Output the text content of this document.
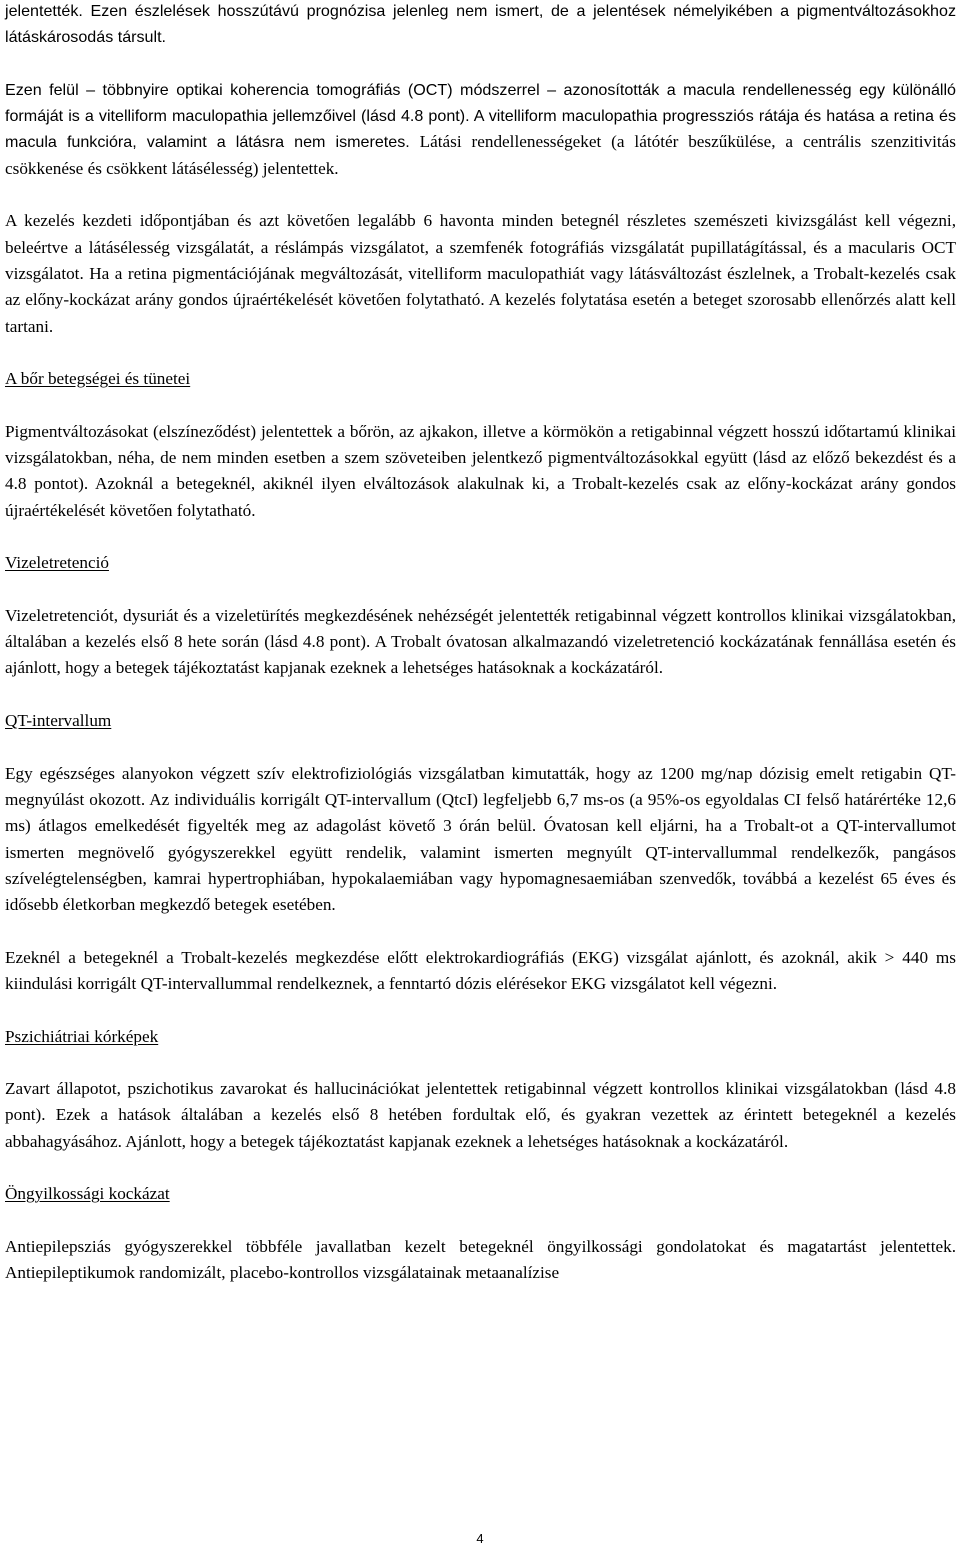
jelentették. Ezen észlelések hosszútávú prognózisa jelenleg nem ismert, de a jelentések némelyikében a pigmentváltozásokhoz látáskárosodás társult.

Ezen felül – többnyire optikai koherencia tomográfiás (OCT) módszerrel – azonosították a macula rendellenesség egy különálló formáját is a vitelliform maculopathia jellemzőivel (lásd 4.8 pont). A vitelliform maculopathia progressziós rátája és hatása a retina és macula funkcióra, valamint a látásra nem ismeretes. Látási rendellenességeket (a látótér beszűkülése, a centrális szenzitivitás csökkenése és csökkent látásélesség) jelentettek.

A kezelés kezdeti időpontjában és azt követően legalább 6 havonta minden betegnél részletes szemészeti kivizsgálást kell végezni, beleértve a látásélesség vizsgálatát, a réslámpás vizsgálatot, a szemfenék fotográfiás vizsgálatát pupillatágítással, és a macularis OCT vizsgálatot. Ha a retina pigmentációjának megváltozását, vitelliform maculopathiát vagy látásváltozást észlelnek, a Trobalt-kezelés csak az előny-kockázat arány gondos újraértékelését követően folytatható. A kezelés folytatása esetén a beteget szorosabb ellenőrzés alatt kell tartani.

A bőr betegségei és tünetei

Pigmentváltozásokat (elszíneződést) jelentettek a bőrön, az ajkakon, illetve a körmökön a retigabinnal végzett hosszú időtartamú klinikai vizsgálatokban, néha, de nem minden esetben a szem szöveteiben jelentkező pigmentváltozásokkal együtt (lásd az előző bekezdést és a 4.8 pontot). Azoknál a betegeknél, akiknél ilyen elváltozások alakulnak ki, a Trobalt-kezelés csak az előny-kockázat arány gondos újraértékelését követően folytatható.

Vizeletretenció

Vizeletretenciót, dysuriát és a vizeletürítés megkezdésének nehézségét jelentették retigabinnal végzett kontrollos klinikai vizsgálatokban, általában a kezelés első 8 hete során (lásd 4.8 pont). A Trobalt óvatosan alkalmazandó vizeletretenció kockázatának fennállása esetén és ajánlott, hogy a betegek tájékoztatást kapjanak ezeknek a lehetséges hatásoknak a kockázatáról.

QT-intervallum

Egy egészséges alanyokon végzett szív elektrofiziológiás vizsgálatban kimutatták, hogy az 1200 mg/nap dózisig emelt retigabin QT-megnyúlást okozott. Az individuális korrigált QT-intervallum (QtcI) legfeljebb 6,7 ms-os (a 95%-os egyoldalas CI felső határértéke 12,6 ms) átlagos emelkedését figyelték meg az adagolást követő 3 órán belül. Óvatosan kell eljárni, ha a Trobalt-ot a QT-intervallumot ismerten megnövelő gyógyszerekkel együtt rendelik, valamint ismerten megnyúlt QT-intervallummal rendelkezők, pangásos szívelégtelenségben, kamrai hypertrophiában, hypokalaemiában vagy hypomagnesaemiában szenvedők, továbbá a kezelést 65 éves és idősebb életkorban megkezdő betegek esetében.

Ezeknél a betegeknél a Trobalt-kezelés megkezdése előtt elektrokardiográfiás (EKG) vizsgálat ajánlott, és azoknál, akik > 440 ms kiindulási korrigált QT-intervallummal rendelkeznek, a fenntartó dózis elérésekor EKG vizsgálatot kell végezni.

Pszichiátriai kórképek

Zavart állapotot, pszichotikus zavarokat és hallucinációkat jelentettek retigabinnal végzett kontrollos klinikai vizsgálatokban (lásd 4.8 pont). Ezek a hatások általában a kezelés első 8 hetében fordultak elő, és gyakran vezettek az érintett betegeknél a kezelés abbahagyásához. Ajánlott, hogy a betegek tájékoztatást kapjanak ezeknek a lehetséges hatásoknak a kockázatáról.

Öngyilkossági kockázat

Antiepilepsziás gyógyszerekkel többféle javallatban kezelt betegeknél öngyilkossági gondolatokat és magatartást jelentettek. Antiepileptikumok randomizált, placebo-kontrollos vizsgálatainak metaanalízise

4
